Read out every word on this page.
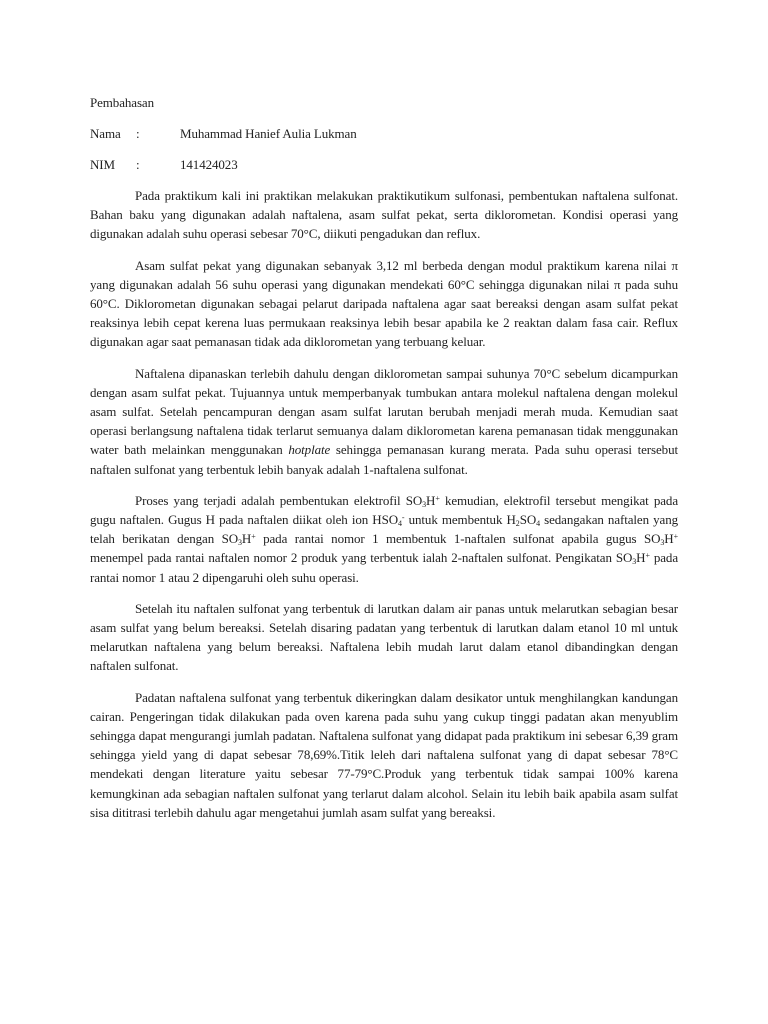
Pembahasan
Nama	:	Muhammad Hanief Aulia Lukman
NIM	:	141424023

Pada praktikum kali ini praktikan melakukan praktikutikum sulfonasi, pembentukan naftalena sulfonat. Bahan baku yang digunakan adalah naftalena, asam sulfat pekat, serta diklorometan. Kondisi operasi yang digunakan adalah suhu operasi sebesar 70°C, diikuti pengadukan dan reflux.

Asam sulfat pekat yang digunakan sebanyak 3,12 ml berbeda dengan modul praktikum karena nilai π yang digunakan adalah 56 suhu operasi yang digunakan mendekati 60°C sehingga digunakan nilai π pada suhu 60°C. Diklorometan digunakan sebagai pelarut daripada naftalena agar saat bereaksi dengan asam sulfat pekat reaksinya lebih cepat kerena luas permukaan reaksinya lebih besar apabila ke 2 reaktan dalam fasa cair. Reflux digunakan agar saat pemanasan tidak ada diklorometan yang terbuang keluar.

Naftalena dipanaskan terlebih dahulu dengan diklorometan sampai suhunya 70°C sebelum dicampurkan dengan asam sulfat pekat. Tujuannya untuk memperbanyak tumbukan antara molekul naftalena dengan molekul asam sulfat. Setelah pencampuran dengan asam sulfat larutan berubah menjadi merah muda. Kemudian saat operasi berlangsung naftalena tidak terlarut semuanya dalam diklorometan karena pemanasan tidak menggunakan water bath melainkan menggunakan hotplate sehingga pemanasan kurang merata. Pada suhu operasi tersebut naftalen sulfonat yang terbentuk lebih banyak adalah 1-naftalena sulfonat.

Proses yang terjadi adalah pembentukan elektrofil $SO_3H^+$ kemudian, elektrofil tersebut mengikat pada gugu naftalen. Gugus H pada naftalen diikat oleh ion $HSO_4^-$ untuk membentuk $H_2SO_4$ sedangakan naftalen yang telah berikatan dengan $SO_3H^+$ pada rantai nomor 1 membentuk 1-naftalen sulfonat apabila gugus $SO_3H^+$ menempel pada rantai naftalen nomor 2 produk yang terbentuk ialah 2-naftalen sulfonat. Pengikatan $SO_3H^+$ pada rantai nomor 1 atau 2 dipengaruhi oleh suhu operasi.

Setelah itu naftalen sulfonat yang terbentuk di larutkan dalam air panas untuk melarutkan sebagian besar asam sulfat yang belum bereaksi. Setelah disaring padatan yang terbentuk di larutkan dalam etanol 10 ml untuk melarutkan naftalena yang belum bereaksi. Naftalena lebih mudah larut dalam etanol dibandingkan dengan naftalen sulfonat.

Padatan naftalena sulfonat yang terbentuk dikeringkan dalam desikator untuk menghilangkan kandungan cairan. Pengeringan tidak dilakukan pada oven karena pada suhu yang cukup tinggi padatan akan menyublim sehingga dapat mengurangi jumlah padatan. Naftalena sulfonat yang didapat pada praktikum ini sebesar 6,39 gram sehingga yield yang di dapat sebesar 78,69%.Titik leleh dari naftalena sulfonat yang di dapat sebesar 78°C mendekati dengan literature yaitu sebesar 77-79°C.Produk yang terbentuk tidak sampai 100% karena kemungkinan ada sebagian naftalen sulfonat yang terlarut dalam alcohol. Selain itu lebih baik apabila asam sulfat sisa dititrasi terlebih dahulu agar mengetahui jumlah asam sulfat yang bereaksi.
